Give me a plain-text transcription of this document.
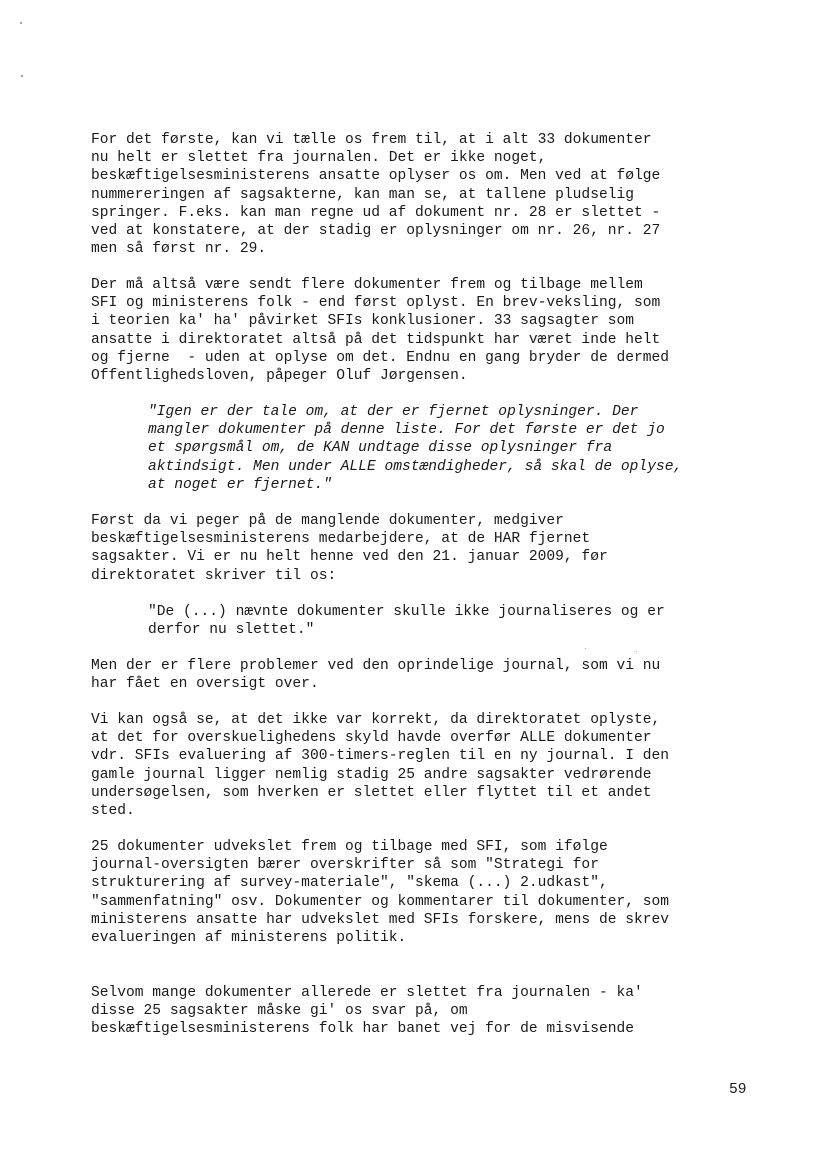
For det første, kan vi tælle os frem til, at i alt 33 dokumenter
nu helt er slettet fra journalen. Det er ikke noget,
beskæftigelsesministerens ansatte oplyser os om. Men ved at følge
nummereringen af sagsakterne, kan man se, at tallene pludselig
springer. F.eks. kan man regne ud af dokument nr. 28 er slettet -
ved at konstatere, at der stadig er oplysninger om nr. 26, nr. 27
men så først nr. 29.

Der må altså være sendt flere dokumenter frem og tilbage mellem
SFI og ministerens folk - end først oplyst. En brev-veksling, som
i teorien ka' ha' påvirket SFIs konklusioner. 33 sagsagter som
ansatte i direktoratet altså på det tidspunkt har været inde helt
og fjerne  - uden at oplyse om det. Endnu en gang bryder de dermed
Offentlighedsloven, påpeger Oluf Jørgensen.

"Igen er der tale om, at der er fjernet oplysninger. Der
mangler dokumenter på denne liste. For det første er det jo
et spørgsmål om, de KAN undtage disse oplysninger fra
aktindsigt. Men under ALLE omstændigheder, så skal de oplyse,
at noget er fjernet."

Først da vi peger på de manglende dokumenter, medgiver
beskæftigelsesministerens medarbejdere, at de HAR fjernet
sagsakter. Vi er nu helt henne ved den 21. januar 2009, før
direktoratet skriver til os:

"De (...) nævnte dokumenter skulle ikke journaliseres og er
derfor nu slettet."

Men der er flere problemer ved den oprindelige journal, som vi nu
har fået en oversigt over.

Vi kan også se, at det ikke var korrekt, da direktoratet oplyste,
at det for overskuelighedens skyld havde overfør ALLE dokumenter
vdr. SFIs evaluering af 300-timers-reglen til en ny journal. I den
gamle journal ligger nemlig stadig 25 andre sagsakter vedrørende
undersøgelsen, som hverken er slettet eller flyttet til et andet
sted.

25 dokumenter udvekslet frem og tilbage med SFI, som ifølge
journal-oversigten bærer overskrifter så som "Strategi for
strukturering af survey-materiale", "skema (...) 2.udkast",
"sammenfatning" osv. Dokumenter og kommentarer til dokumenter, som
ministerens ansatte har udvekslet med SFIs forskere, mens de skrev
evalueringen af ministerens politik.

Selvom mange dokumenter allerede er slettet fra journalen - ka'
disse 25 sagsakter måske gi' os svar på, om
beskæftigelsesministerens folk har banet vej for de misvisende

59
